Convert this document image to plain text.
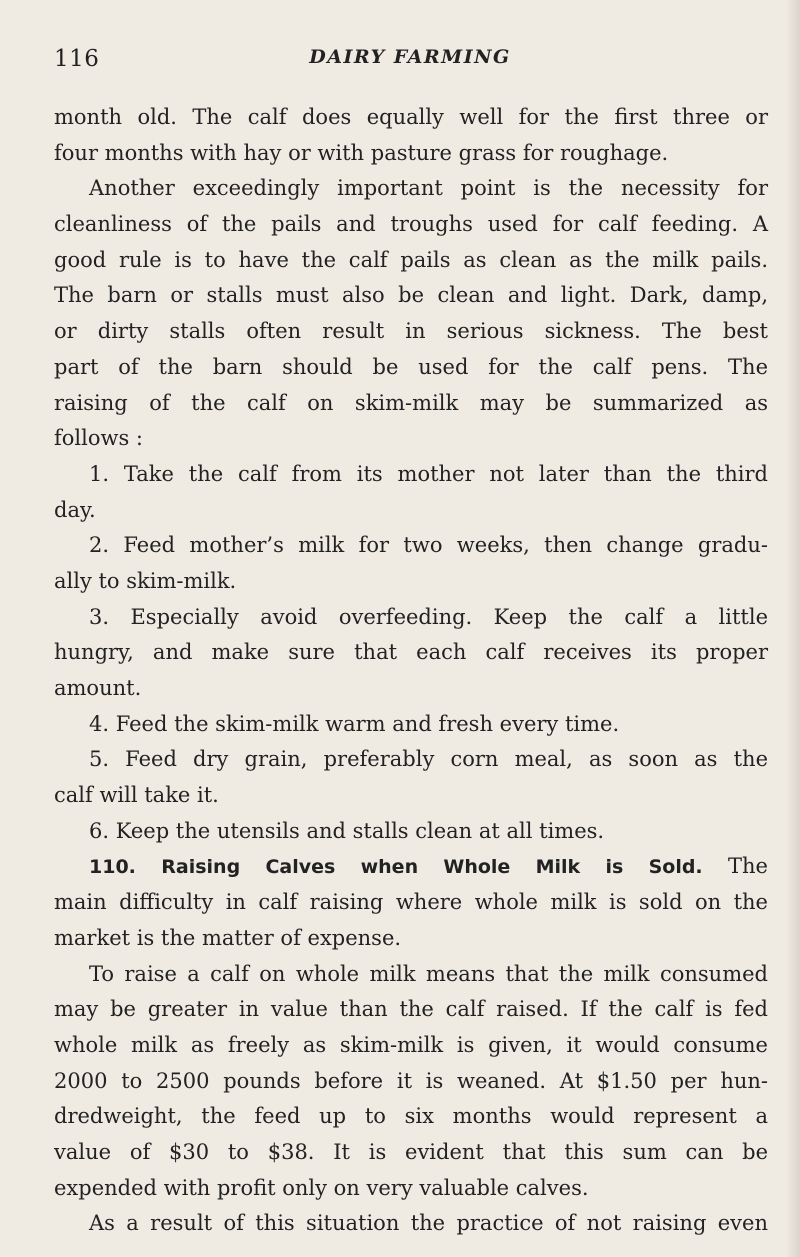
116	DAIRY FARMING
month old. The calf does equally well for the first three or
four months with hay or with pasture grass for roughage.
Another exceedingly important point is the necessity for
cleanliness of the pails and troughs used for calf feeding. A
good rule is to have the calf pails as clean as the milk pails.
The barn or stalls must also be clean and light. Dark, damp,
or dirty stalls often result in serious sickness. The best
part of the barn should be used for the calf pens. The
raising of the calf on skim-milk may be summarized as
follows :
1. Take the calf from its mother not later than the third
day.
2. Feed mother’s milk for two weeks, then change gradu-
ally to skim-milk.
3. Especially avoid overfeeding. Keep the calf a little
hungry, and make sure that each calf receives its proper
amount.
4. Feed the skim-milk warm and fresh every time.
5. Feed dry grain, preferably corn meal, as soon as the
calf will take it.
6. Keep the utensils and stalls clean at all times.
110. Raising Calves when Whole Milk is Sold. The
main difficulty in calf raising where whole milk is sold on the
market is the matter of expense.
To raise a calf on whole milk means that the milk consumed
may be greater in value than the calf raised. If the calf is fed
whole milk as freely as skim-milk is given, it would consume
2000 to 2500 pounds before it is weaned. At $1.50 per hun-
dredweight, the feed up to six months would represent a
value of $30 to $38. It is evident that this sum can be
expended with profit only on very valuable calves.
As a result of this situation the practice of not raising even
